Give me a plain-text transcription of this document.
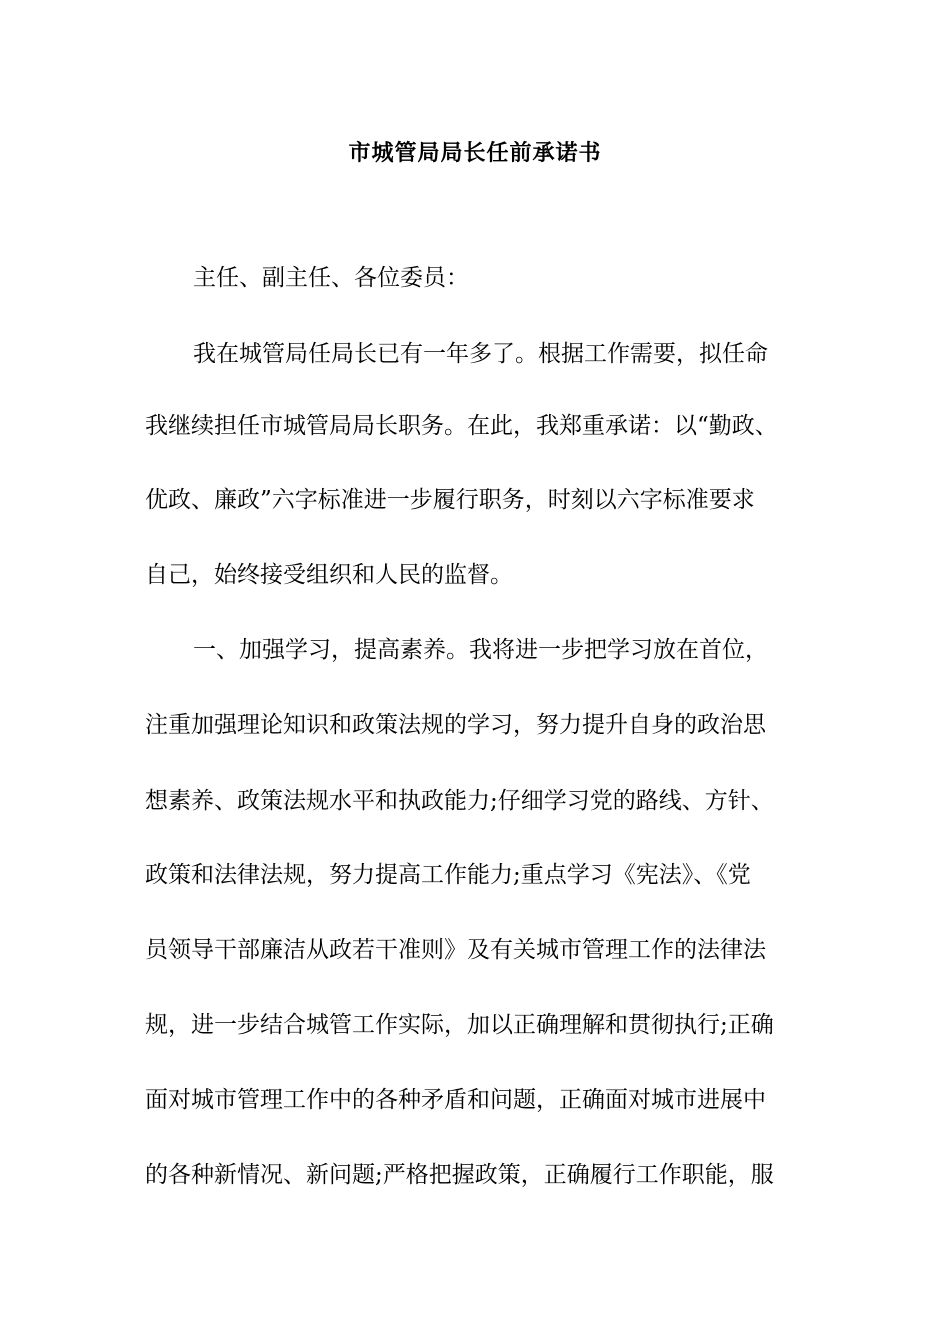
市城管局局长任前承诺书
主任、副主任、各位委员：
我在城管局任局长已有一年多了。根据工作需要，拟任命
我继续担任市城管局局长职务。在此，我郑重承诺：以“勤政、
优政、廉政”六字标准进一步履行职务，时刻以六字标准要求
自己，始终接受组织和人民的监督。
一、加强学习，提高素养。我将进一步把学习放在首位，
注重加强理论知识和政策法规的学习，努力提升自身的政治思
想素养、政策法规水平和执政能力;仔细学习党的路线、方针、
政策和法律法规，努力提高工作能力;重点学习《宪法》、《党
员领导干部廉洁从政若干准则》及有关城市管理工作的法律法
规，进一步结合城管工作实际，加以正确理解和贯彻执行;正确
面对城市管理工作中的各种矛盾和问题，正确面对城市进展中
的各种新情况、新问题;严格把握政策，正确履行工作职能，服
